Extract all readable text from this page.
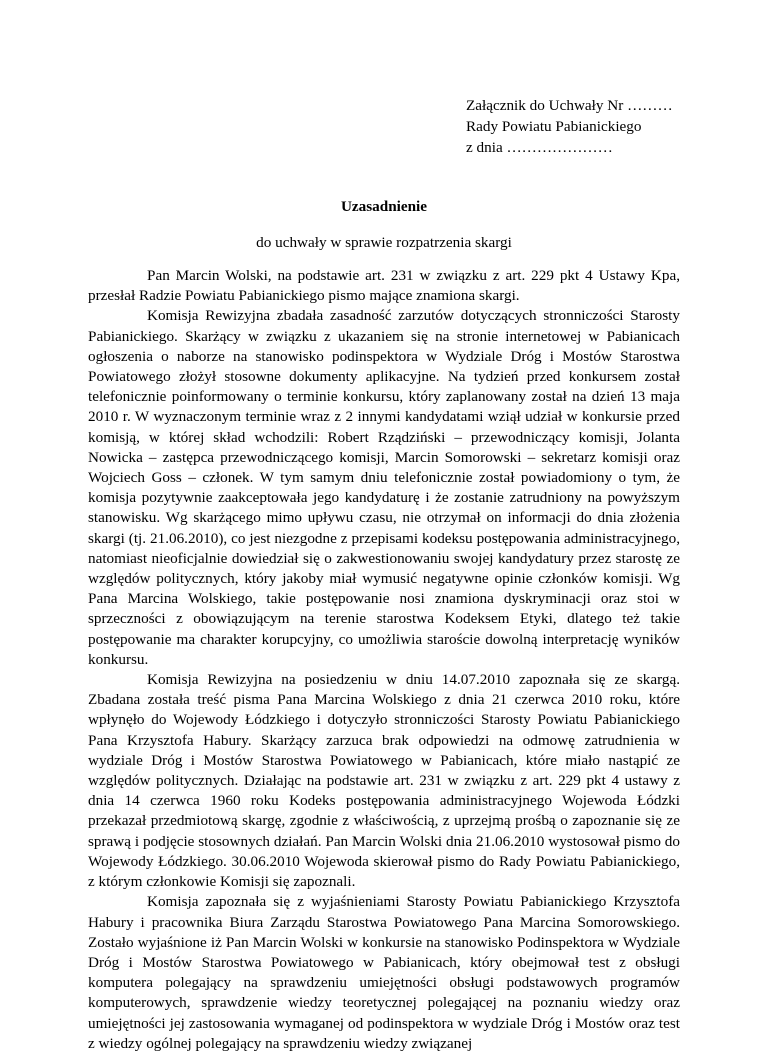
Załącznik do Uchwały Nr ………
Rady Powiatu Pabianickiego
z dnia …………………
Uzasadnienie
do uchwały w sprawie rozpatrzenia skargi

Pan Marcin Wolski, na podstawie art. 231 w związku z art. 229 pkt 4 Ustawy Kpa, przesłał Radzie Powiatu Pabianickiego pismo mające znamiona skargi.

Komisja Rewizyjna zbadała zasadność zarzutów dotyczących stronniczości Starosty Pabianickiego. Skarżący w związku z ukazaniem się na stronie internetowej w Pabianicach ogłoszenia o naborze na stanowisko podinspektora w Wydziale Dróg i Mostów Starostwa Powiatowego złożył stosowne dokumenty aplikacyjne. Na tydzień przed konkursem został telefonicznie poinformowany o terminie konkursu, który zaplanowany został na dzień 13 maja 2010 r. W wyznaczonym terminie wraz z 2 innymi kandydatami wziął udział w konkursie przed komisją, w której skład wchodzili: Robert Rządziński – przewodniczący komisji, Jolanta Nowicka – zastępca przewodniczącego komisji, Marcin Somorowski – sekretarz komisji oraz Wojciech Goss – członek. W tym samym dniu telefonicznie został powiadomiony o tym, że komisja pozytywnie zaakceptowała jego kandydaturę i że zostanie zatrudniony na powyższym stanowisku. Wg skarżącego mimo upływu czasu, nie otrzymał on informacji do dnia złożenia skargi (tj. 21.06.2010), co jest niezgodne z przepisami kodeksu postępowania administracyjnego, natomiast nieoficjalnie dowiedział się o zakwestionowaniu swojej kandydatury przez starostę ze względów politycznych, który jakoby miał wymusić negatywne opinie członków komisji. Wg Pana Marcina Wolskiego, takie postępowanie nosi znamiona dyskryminacji oraz stoi w sprzeczności z obowiązującym na terenie starostwa Kodeksem Etyki, dlatego też takie postępowanie ma charakter korupcyjny, co umożliwia staroście dowolną interpretację wyników konkursu.

Komisja Rewizyjna na posiedzeniu w dniu 14.07.2010 zapoznała się ze skargą. Zbadana została treść pisma Pana Marcina Wolskiego z dnia 21 czerwca 2010 roku, które wpłynęło do Wojewody Łódzkiego i dotyczyło stronniczości Starosty Powiatu Pabianickiego Pana Krzysztofa Habury. Skarżący zarzuca brak odpowiedzi na odmowę zatrudnienia w wydziale Dróg i Mostów Starostwa Powiatowego w Pabianicach, które miało nastąpić ze względów politycznych. Działając na podstawie art. 231 w związku z art. 229 pkt 4 ustawy z dnia 14 czerwca 1960 roku Kodeks postępowania administracyjnego Wojewoda Łódzki przekazał przedmiotową skargę, zgodnie z właściwością, z uprzejmą prośbą o zapoznanie się ze sprawą i podjęcie stosownych działań. Pan Marcin Wolski dnia 21.06.2010 wystosował pismo do Wojewody Łódzkiego. 30.06.2010 Wojewoda skierował pismo do Rady Powiatu Pabianickiego, z którym członkowie Komisji się zapoznali.

Komisja zapoznała się z wyjaśnieniami Starosty Powiatu Pabianickiego Krzysztofa Habury i pracownika Biura Zarządu Starostwa Powiatowego Pana Marcina Somorowskiego. Zostało wyjaśnione iż Pan Marcin Wolski w konkursie na stanowisko Podinspektora w Wydziale Dróg i Mostów Starostwa Powiatowego w Pabianicach, który obejmował test z obsługi komputera polegający na sprawdzeniu umiejętności obsługi podstawowych programów komputerowych, sprawdzenie wiedzy teoretycznej polegającej na poznaniu wiedzy oraz umiejętności jej zastosowania wymaganej od podinspektora w wydziale Dróg i Mostów oraz test z wiedzy ogólnej polegający na sprawdzeniu wiedzy związanej
